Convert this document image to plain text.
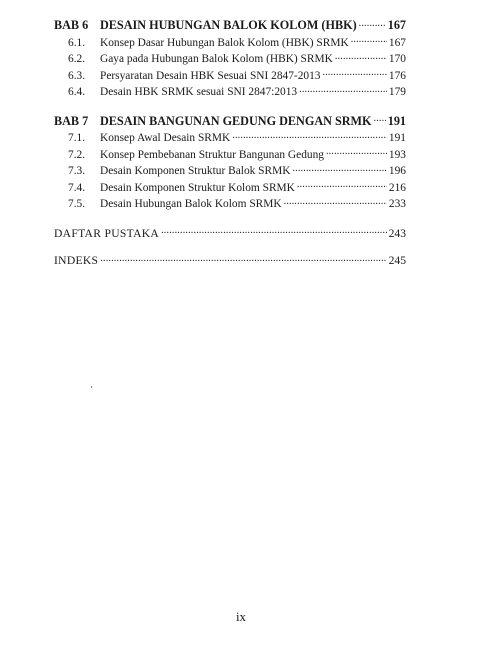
BAB 6 DESAIN HUBUNGAN BALOK KOLOM (HBK) .....	167
6.1.	Konsep Dasar Hubungan Balok Kolom (HBK) SRMK .....	167
6.2.	Gaya pada Hubungan Balok Kolom (HBK) SRMK .....	170
6.3.	Persyaratan Desain HBK Sesuai SNI 2847-2013 .....	176
6.4.	Desain HBK SRMK sesuai SNI 2847:2013 .....	179
BAB 7 DESAIN BANGUNAN GEDUNG DENGAN SRMK ..... 191
7.1.	Konsep Awal Desain SRMK .....	191
7.2.	Konsep Pembebanan Struktur Bangunan Gedung .....	193
7.3.	Desain Komponen Struktur Balok SRMK .....	196
7.4.	Desain Komponen Struktur Kolom SRMK .....	216
7.5.	Desain Hubungan Balok Kolom SRMK .....	233
DAFTAR PUSTAKA .....	243
INDEKS .....	245
ix
